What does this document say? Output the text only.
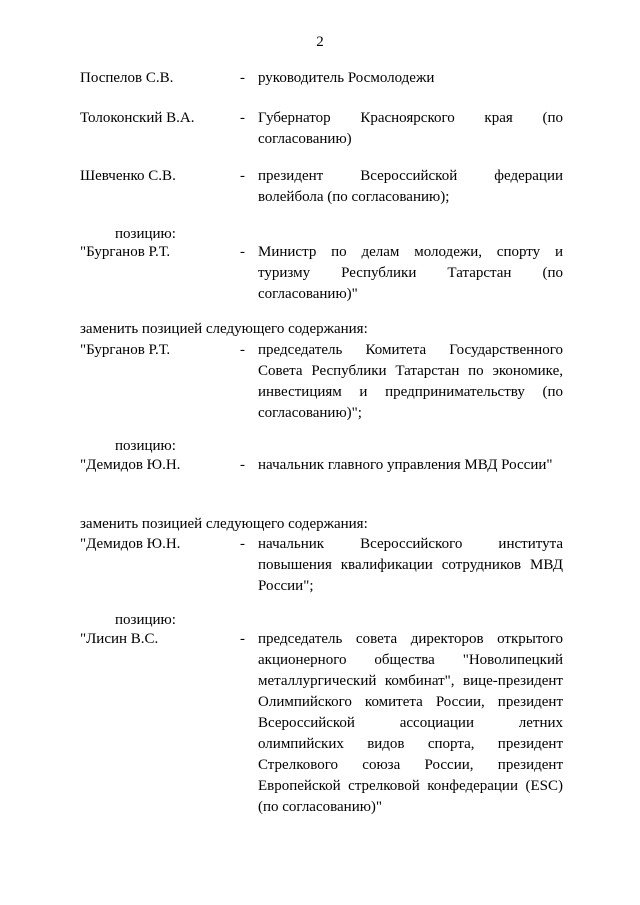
2
Поспелов С.В.	- руководитель Росмолодежи
Толоконский В.А.	- Губернатор Красноярского края (по согласованию)
Шевченко С.В.	- президент Всероссийской федерации волейбола (по согласованию);
позицию:
"Бурганов Р.Т.	- Министр по делам молодежи, спорту и туризму Республики Татарстан (по согласованию)"
заменить позицией следующего содержания:
"Бурганов Р.Т.	- председатель Комитета Государственного Совета Республики Татарстан по экономике, инвестициям и предпринимательству (по согласованию)";
позицию:
"Демидов Ю.Н.	- начальник главного управления МВД России"
заменить позицией следующего содержания:
"Демидов Ю.Н.	- начальник Всероссийского института повышения квалификации сотрудников МВД России";
позицию:
"Лисин В.С.	- председатель совета директоров открытого акционерного общества "Новолипецкий металлургический комбинат", вице-президент Олимпийского комитета России, президент Всероссийской ассоциации летних олимпийских видов спорта, президент Стрелкового союза России, президент Европейской стрелковой конфедерации (ESC) (по согласованию)"
